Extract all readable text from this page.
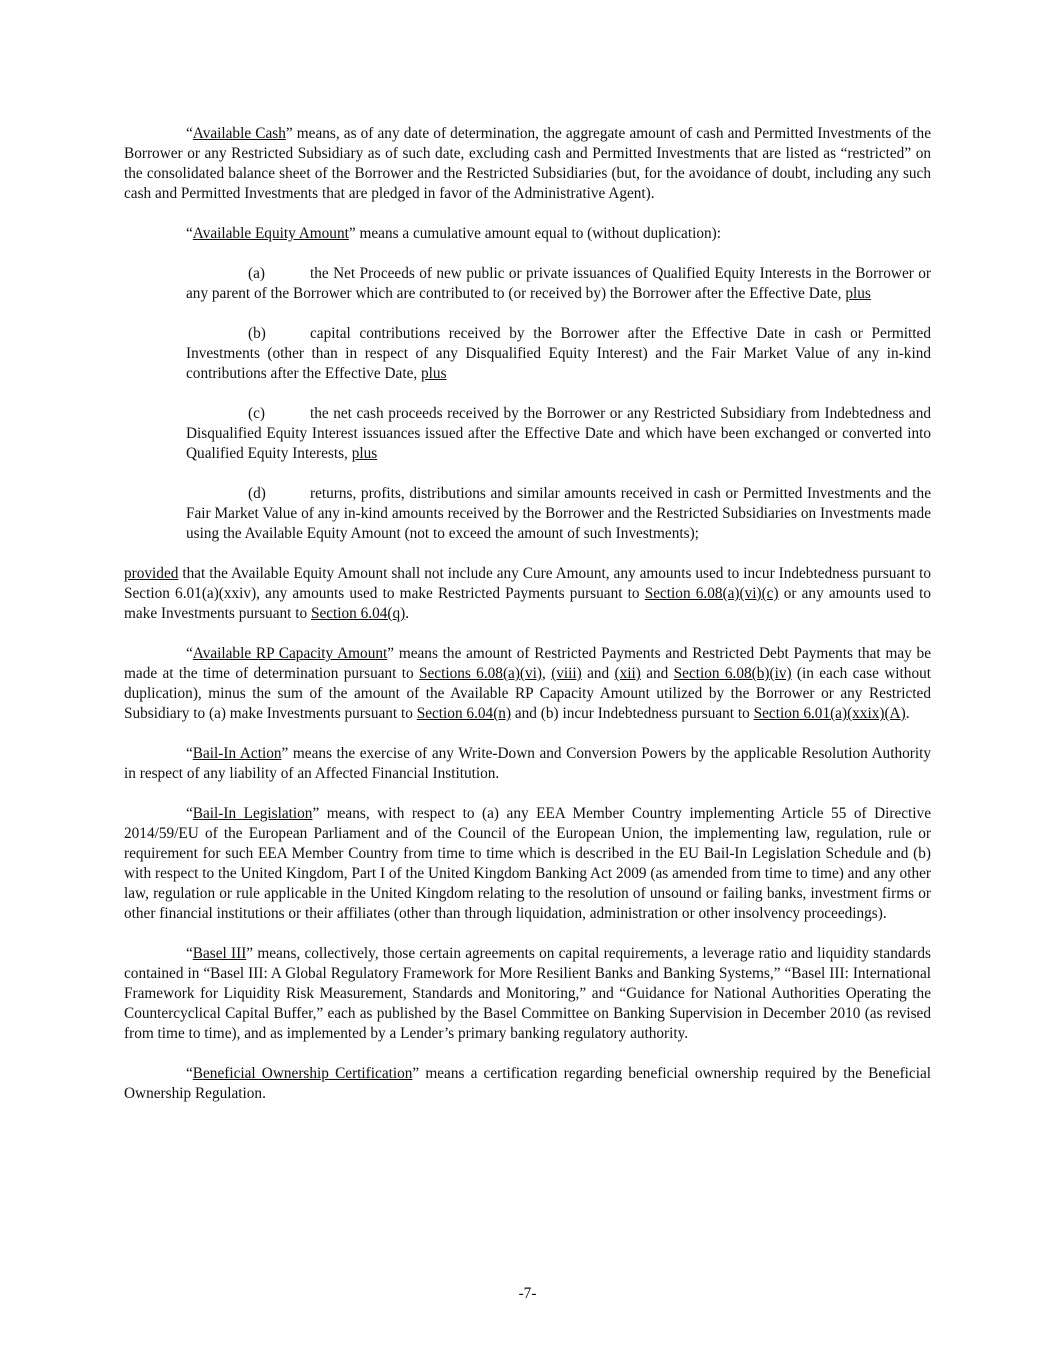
“Available Cash” means, as of any date of determination, the aggregate amount of cash and Permitted Investments of the Borrower or any Restricted Subsidiary as of such date, excluding cash and Permitted Investments that are listed as “restricted” on the consolidated balance sheet of the Borrower and the Restricted Subsidiaries (but, for the avoidance of doubt, including any such cash and Permitted Investments that are pledged in favor of the Administrative Agent).

“Available Equity Amount” means a cumulative amount equal to (without duplication):

(a)	the Net Proceeds of new public or private issuances of Qualified Equity Interests in the Borrower or any parent of the Borrower which are contributed to (or received by) the Borrower after the Effective Date, plus

(b)	capital contributions received by the Borrower after the Effective Date in cash or Permitted Investments (other than in respect of any Disqualified Equity Interest) and the Fair Market Value of any in-kind contributions after the Effective Date, plus

(c)	the net cash proceeds received by the Borrower or any Restricted Subsidiary from Indebtedness and Disqualified Equity Interest issuances issued after the Effective Date and which have been exchanged or converted into Qualified Equity Interests, plus

(d)	returns, profits, distributions and similar amounts received in cash or Permitted Investments and the Fair Market Value of any in-kind amounts received by the Borrower and the Restricted Subsidiaries on Investments made using the Available Equity Amount (not to exceed the amount of such Investments);

provided that the Available Equity Amount shall not include any Cure Amount, any amounts used to incur Indebtedness pursuant to Section 6.01(a)(xxiv), any amounts used to make Restricted Payments pursuant to Section 6.08(a)(vi)(c) or any amounts used to make Investments pursuant to Section 6.04(q).

“Available RP Capacity Amount” means the amount of Restricted Payments and Restricted Debt Payments that may be made at the time of determination pursuant to Sections 6.08(a)(vi), (viii) and (xii) and Section 6.08(b)(iv) (in each case without duplication), minus the sum of the amount of the Available RP Capacity Amount utilized by the Borrower or any Restricted Subsidiary to (a) make Investments pursuant to Section 6.04(n) and (b) incur Indebtedness pursuant to Section 6.01(a)(xxix)(A).

“Bail-In Action” means the exercise of any Write-Down and Conversion Powers by the applicable Resolution Authority in respect of any liability of an Affected Financial Institution.

“Bail-In Legislation” means, with respect to (a) any EEA Member Country implementing Article 55 of Directive 2014/59/EU of the European Parliament and of the Council of the European Union, the implementing law, regulation, rule or requirement for such EEA Member Country from time to time which is described in the EU Bail-In Legislation Schedule and (b) with respect to the United Kingdom, Part I of the United Kingdom Banking Act 2009 (as amended from time to time) and any other law, regulation or rule applicable in the United Kingdom relating to the resolution of unsound or failing banks, investment firms or other financial institutions or their affiliates (other than through liquidation, administration or other insolvency proceedings).

“Basel III” means, collectively, those certain agreements on capital requirements, a leverage ratio and liquidity standards contained in “Basel III: A Global Regulatory Framework for More Resilient Banks and Banking Systems,” “Basel III: International Framework for Liquidity Risk Measurement, Standards and Monitoring,” and “Guidance for National Authorities Operating the Countercyclical Capital Buffer,” each as published by the Basel Committee on Banking Supervision in December 2010 (as revised from time to time), and as implemented by a Lender’s primary banking regulatory authority.

“Beneficial Ownership Certification” means a certification regarding beneficial ownership required by the Beneficial Ownership Regulation.

-7-
